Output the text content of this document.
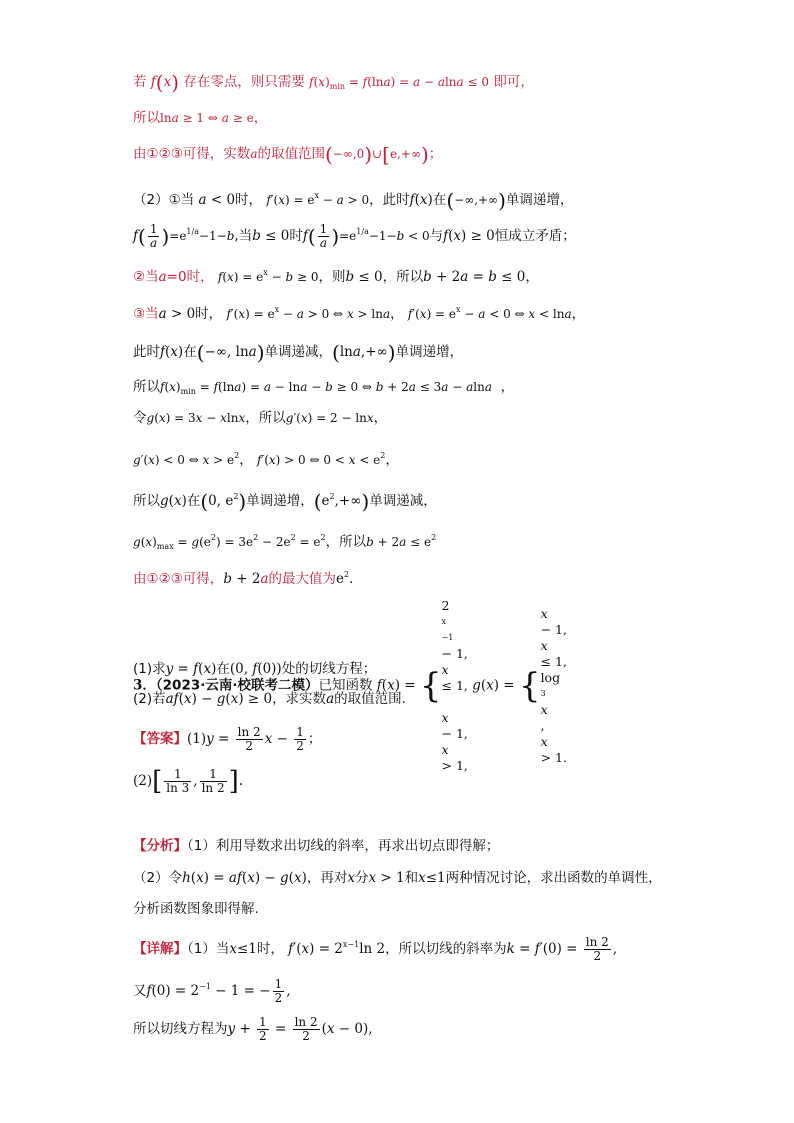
若 f(x) 存在零点，则只需要 $f(x)_{min} = f(\ln a) = a - alna \le 0$ 即可，
所以lna ≥ 1 ⇔ a ≥ e，
由①②③可得，实数a的取值范围(−∞,0)∪[e,+∞)；
（2）①当 a < 0时， $f'(x) = e^x - a > 0$，此时f(x)在(−∞,+∞)单调递增，
$f( \frac{1}{a} )=e^{1/a}-1-b$,当b ≤ 0时$f( \frac{1}{a} )=e^{1/a}-1-b < 0$与f(x) ≥ 0恒成立矛盾；
②当a=0时， $f(x) = e^x - b \ge 0$，则b ≤ 0，所以b + 2a = b ≤ 0，
③当a > 0时， $f'(x) = e^x - a > 0$ ⇔ x > lna， $f'(x) = e^x - a < 0$ ⇔ x < lna，
此时f(x)在(−∞, lna)单调递减，(lna,+∞)单调递增，
所以$f(x)_{min} = f(\ln a) = a - \ln a - b \ge 0$ ⇔ b + 2a ≤ 3a − alna ，
令g(x) = 3x − xlnx，所以g′(x) = 2 − lnx，
g′(x) < 0 ⇔ $x > e^2$， f′(x) > 0 ⇔ $0 < x < e^2$，
所以g(x)在(0, $e^2$)单调递增，$(e^2,+\infty)$单调递减，
$g(x)_{max} = g(e^2) = 3e^2 - 2e^2 = e^2$，所以$b + 2a \le e^2$
由①②③可得，b + 2a的最大值为$e^2$.
3．（2023·云南·校联考二模）已知函数 f(x) = {
2
x
−1
− 1,
x
≤ 1,

x
− 1,
x
> 1,
g(x) = {
x
− 1,
x
≤ 1,
log
3
x
,
x
> 1.
(1)求y = f(x)在(0, f(0))处的切线方程；
(2)若af(x) − g(x) ≥ 0，求实数a的取值范围．
【答案】$(1)y = \frac{\ln 2}{2}$ $x - \frac{1}{2}$ ；
$(2)[ \frac{1}{\ln 3}$ , $\frac{1}{\ln 2}$ ].
【分析】（1）利用导数求出切线的斜率，再求出切点即得解；
（2）令h(x) = af(x) − g(x)，再对x分x > 1和x≤1两种情况讨论，求出函数的单调性，
分析函数图象即得解.
【详解】（1）当x≤1时， $f'(x) = 2^{x-1}\ln$ 2，所以切线的斜率为$k = f'(0) = \frac{\ln 2}{2}$ ,
又$f(0) = 2^{-1} - 1$ = − $\frac{1}{2}$ ,
所以切线方程为$y + \frac{1}{2} = \frac{\ln 2}{2} (x - 0)$,
